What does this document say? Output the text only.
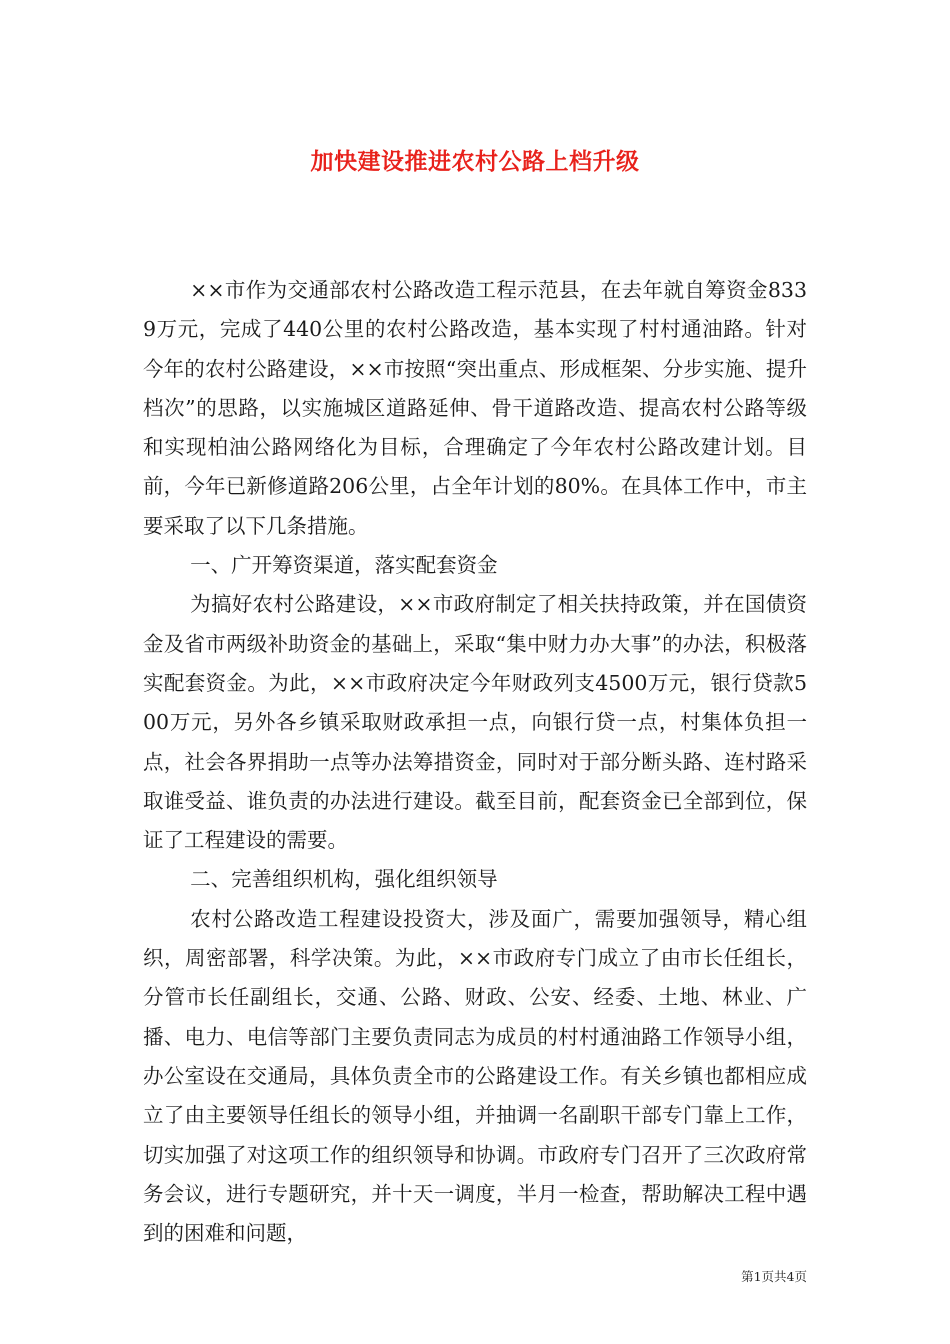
加快建设推进农村公路上档升级

××市作为交通部农村公路改造工程示范县，在去年就自筹资金8339万元，完成了440公里的农村公路改造，基本实现了村村通油路。针对今年的农村公路建设，××市按照“突出重点、形成框架、分步实施、提升档次”的思路，以实施城区道路延伸、骨干道路改造、提高农村公路等级和实现柏油公路网络化为目标，合理确定了今年农村公路改建计划。目前，今年已新修道路206公里，占全年计划的80%。在具体工作中，市主要采取了以下几条措施。

一、广开筹资渠道，落实配套资金

为搞好农村公路建设，××市政府制定了相关扶持政策，并在国债资金及省市两级补助资金的基础上，采取“集中财力办大事”的办法，积极落实配套资金。为此，××市政府决定今年财政列支4500万元，银行贷款500万元，另外各乡镇采取财政承担一点，向银行贷一点，村集体负担一点，社会各界捐助一点等办法筹措资金，同时对于部分断头路、连村路采取谁受益、谁负责的办法进行建设。截至目前，配套资金已全部到位，保证了工程建设的需要。

二、完善组织机构，强化组织领导

农村公路改造工程建设投资大，涉及面广，需要加强领导，精心组织，周密部署，科学决策。为此，××市政府专门成立了由市长任组长，分管市长任副组长，交通、公路、财政、公安、经委、土地、林业、广播、电力、电信等部门主要负责同志为成员的村村通油路工作领导小组，办公室设在交通局，具体负责全市的公路建设工作。有关乡镇也都相应成立了由主要领导任组长的领导小组，并抽调一名副职干部专门靠上工作，切实加强了对这项工作的组织领导和协调。市政府专门召开了三次政府常务会议，进行专题研究，并十天一调度，半月一检查，帮助解决工程中遇到的困难和问题，

第1页共4页
